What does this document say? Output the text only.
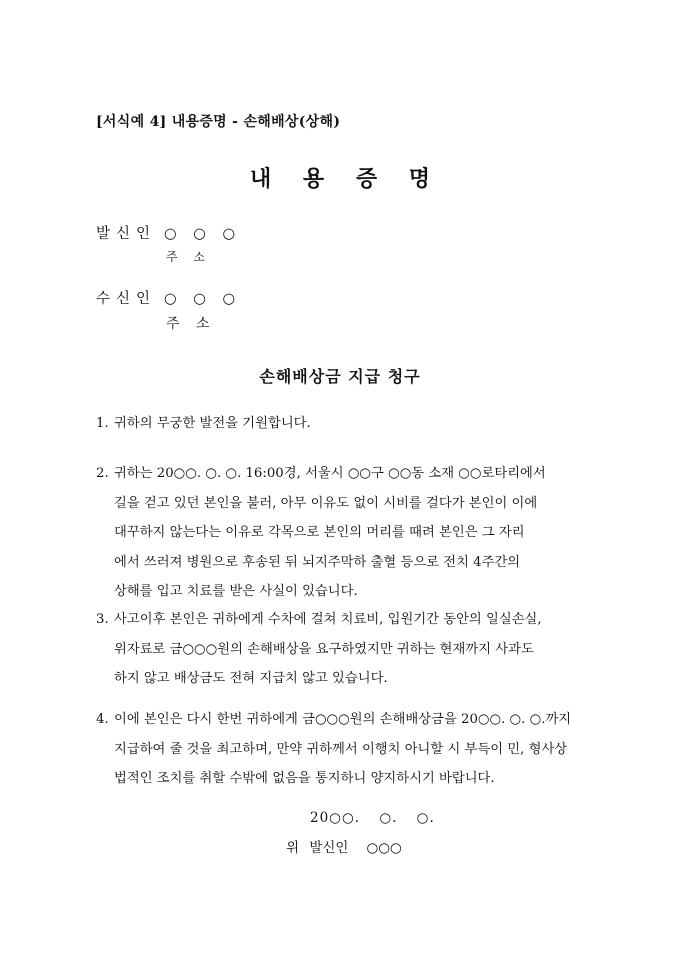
[서식예 4] 내용증명 - 손해배상(상해)
내 용 증 명
발신인 ○ ○ ○
주 소
수신인 ○ ○ ○
주 소
손해배상금 지급 청구
1. 귀하의 무궁한 발전을 기원합니다.
2. 귀하는 20○○. ○. ○. 16:00경, 서울시 ○○구 ○○동 소재 ○○로타리에서
길을 걷고 있던 본인을 불러, 아무 이유도 없이 시비를 걸다가 본인이 이에
대꾸하지 않는다는 이유로 각목으로 본인의 머리를 때려 본인은 그 자리
에서 쓰러져 병원으로 후송된 뒤 뇌지주막하 출혈 등으로 전치 4주간의
상해를 입고 치료를 받은 사실이 있습니다.
3. 사고이후 본인은 귀하에게 수차에 걸쳐 치료비, 입원기간 동안의 일실손실,
위자료로 금○○○원의 손해배상을 요구하였지만 귀하는 현재까지 사과도
하지 않고 배상금도 전혀 지급치 않고 있습니다.
4. 이에 본인은 다시 한번 귀하에게 금○○○원의 손해배상금을 20○○. ○. ○.까지
지급하여 줄 것을 최고하며, 만약 귀하께서 이행치 아니할 시 부득이 민, 형사상
법적인 조치를 취할 수밖에 없음을 통지하니 양지하시기 바랍니다.
20○○. ○. ○.
위 발신인 ○○○
